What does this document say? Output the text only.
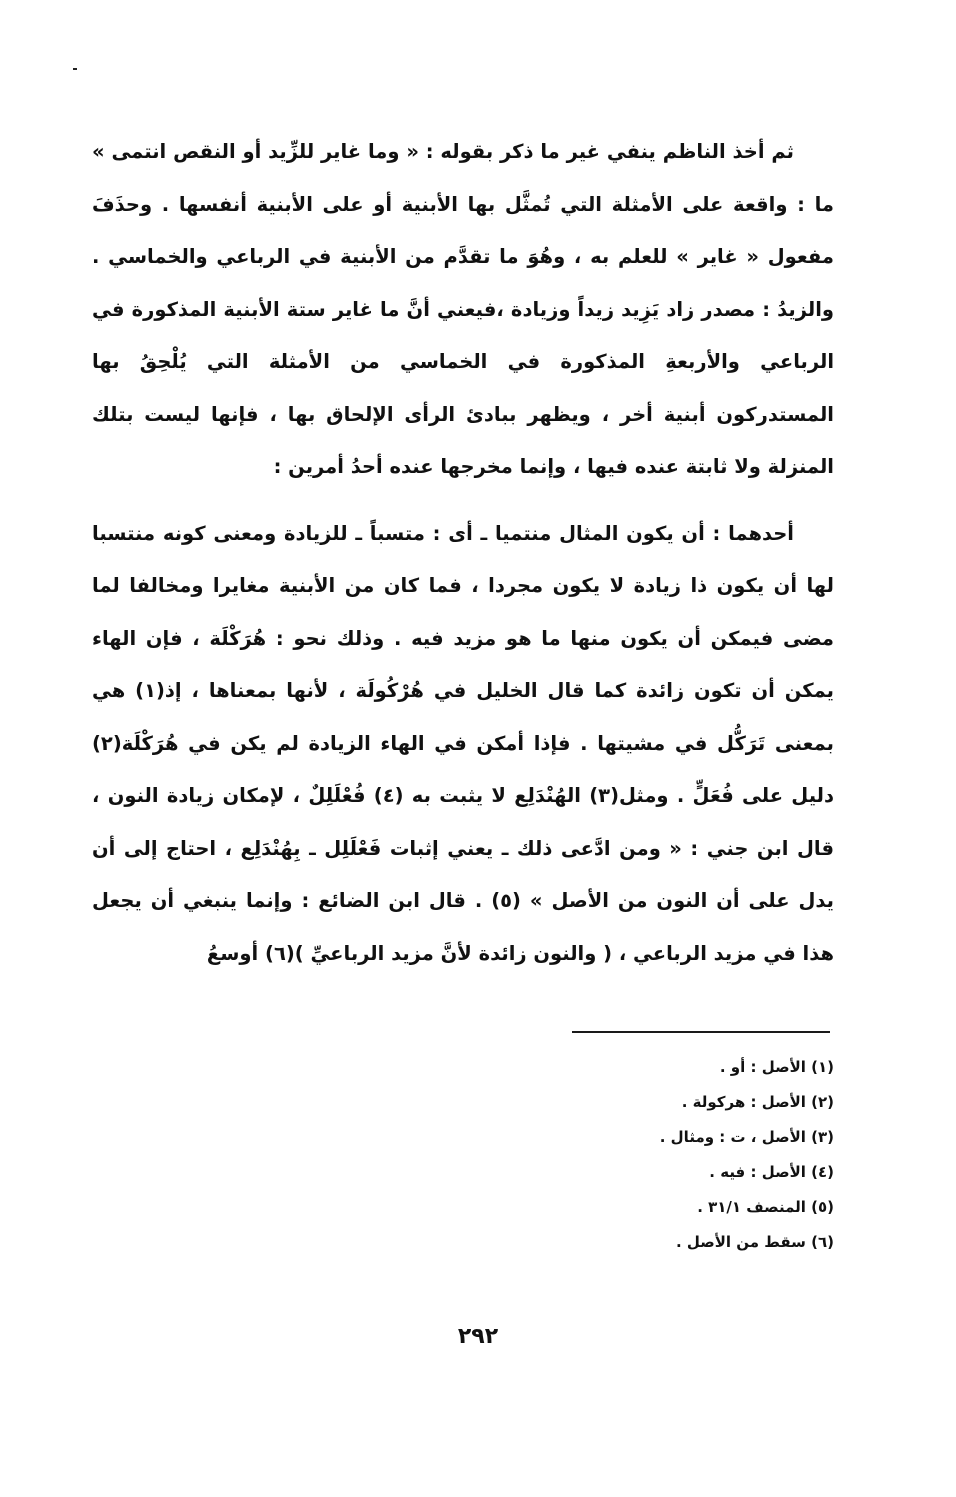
ثم أخذ الناظم ينفي غير ما ذكر بقوله : « وما غاير للزِّيد أو النقص انتمى » ما : واقعة على الأمثلة التي تُمثَّل بها الأبنية أو على الأبنية أنفسها . وحذَفَ مفعول « غاير » للعلم به ، وهُوَ ما تقدَّم من الأبنية في الرباعي والخماسي . والزيدُ : مصدر زاد يَزِيد زيداً وزيادة ،فيعني أنَّ ما غاير ستة الأبنية المذكورة في الرباعي والأربعةِ المذكورة في الخماسي من الأمثلة التي يُلْحِقُ بها المستدركون أبنية أخر ، ويظهر ببادئ الرأى الإلحاق بها ، فإنها ليست بتلك المنزلة ولا ثابتة عنده فيها ، وإنما مخرجها عنده أحدُ أمرين :

أحدهما : أن يكون المثال منتميا ـ أى : متسباً ـ للزيادة ومعنى كونه منتسبا لها أن يكون ذا زيادة لا يكون مجردا ، فما كان من الأبنية مغايرا ومخالفا لما مضى فيمكن أن يكون منها ما هو مزيد فيه . وذلك نحو : هُرَكْلَة ، فإن الهاء يمكن أن تكون زائدة كما قال الخليل في هُرْكُولَة ، لأنها بمعناها ، إذ(١) هي بمعنى تَرَكُّل في مشيتها . فإذا أمكن في الهاء الزيادة لم يكن في هُرَكْلَة(٢) دليل على فُعَلٍّ . ومثل(٣) الهُنْدَلِع لا يثبت به (٤) فُعْلَلِلٌ ، لإمكان زيادة النون ، قال ابن جني : « ومن ادَّعى ذلك ـ يعني إثبات فَعْلَلِل ـ بِهُنْدَلِع ، احتاج إلى أن يدل على أن النون من الأصل » (٥) . قال ابن الضائع : وإنما ينبغي أن يجعل هذا في مزيد الرباعي ، ( والنون زائدة لأنَّ مزيد الرباعيِّ )(٦) أوسعُ

(١) الأصل : أو .
(٢) الأصل : هركولة .
(٣) الأصل ، ت : ومثال .
(٤) الأصل : فيه .
(٥) المنصف ٣١/١ .
(٦) سقط من الأصل .
٢٩٢
